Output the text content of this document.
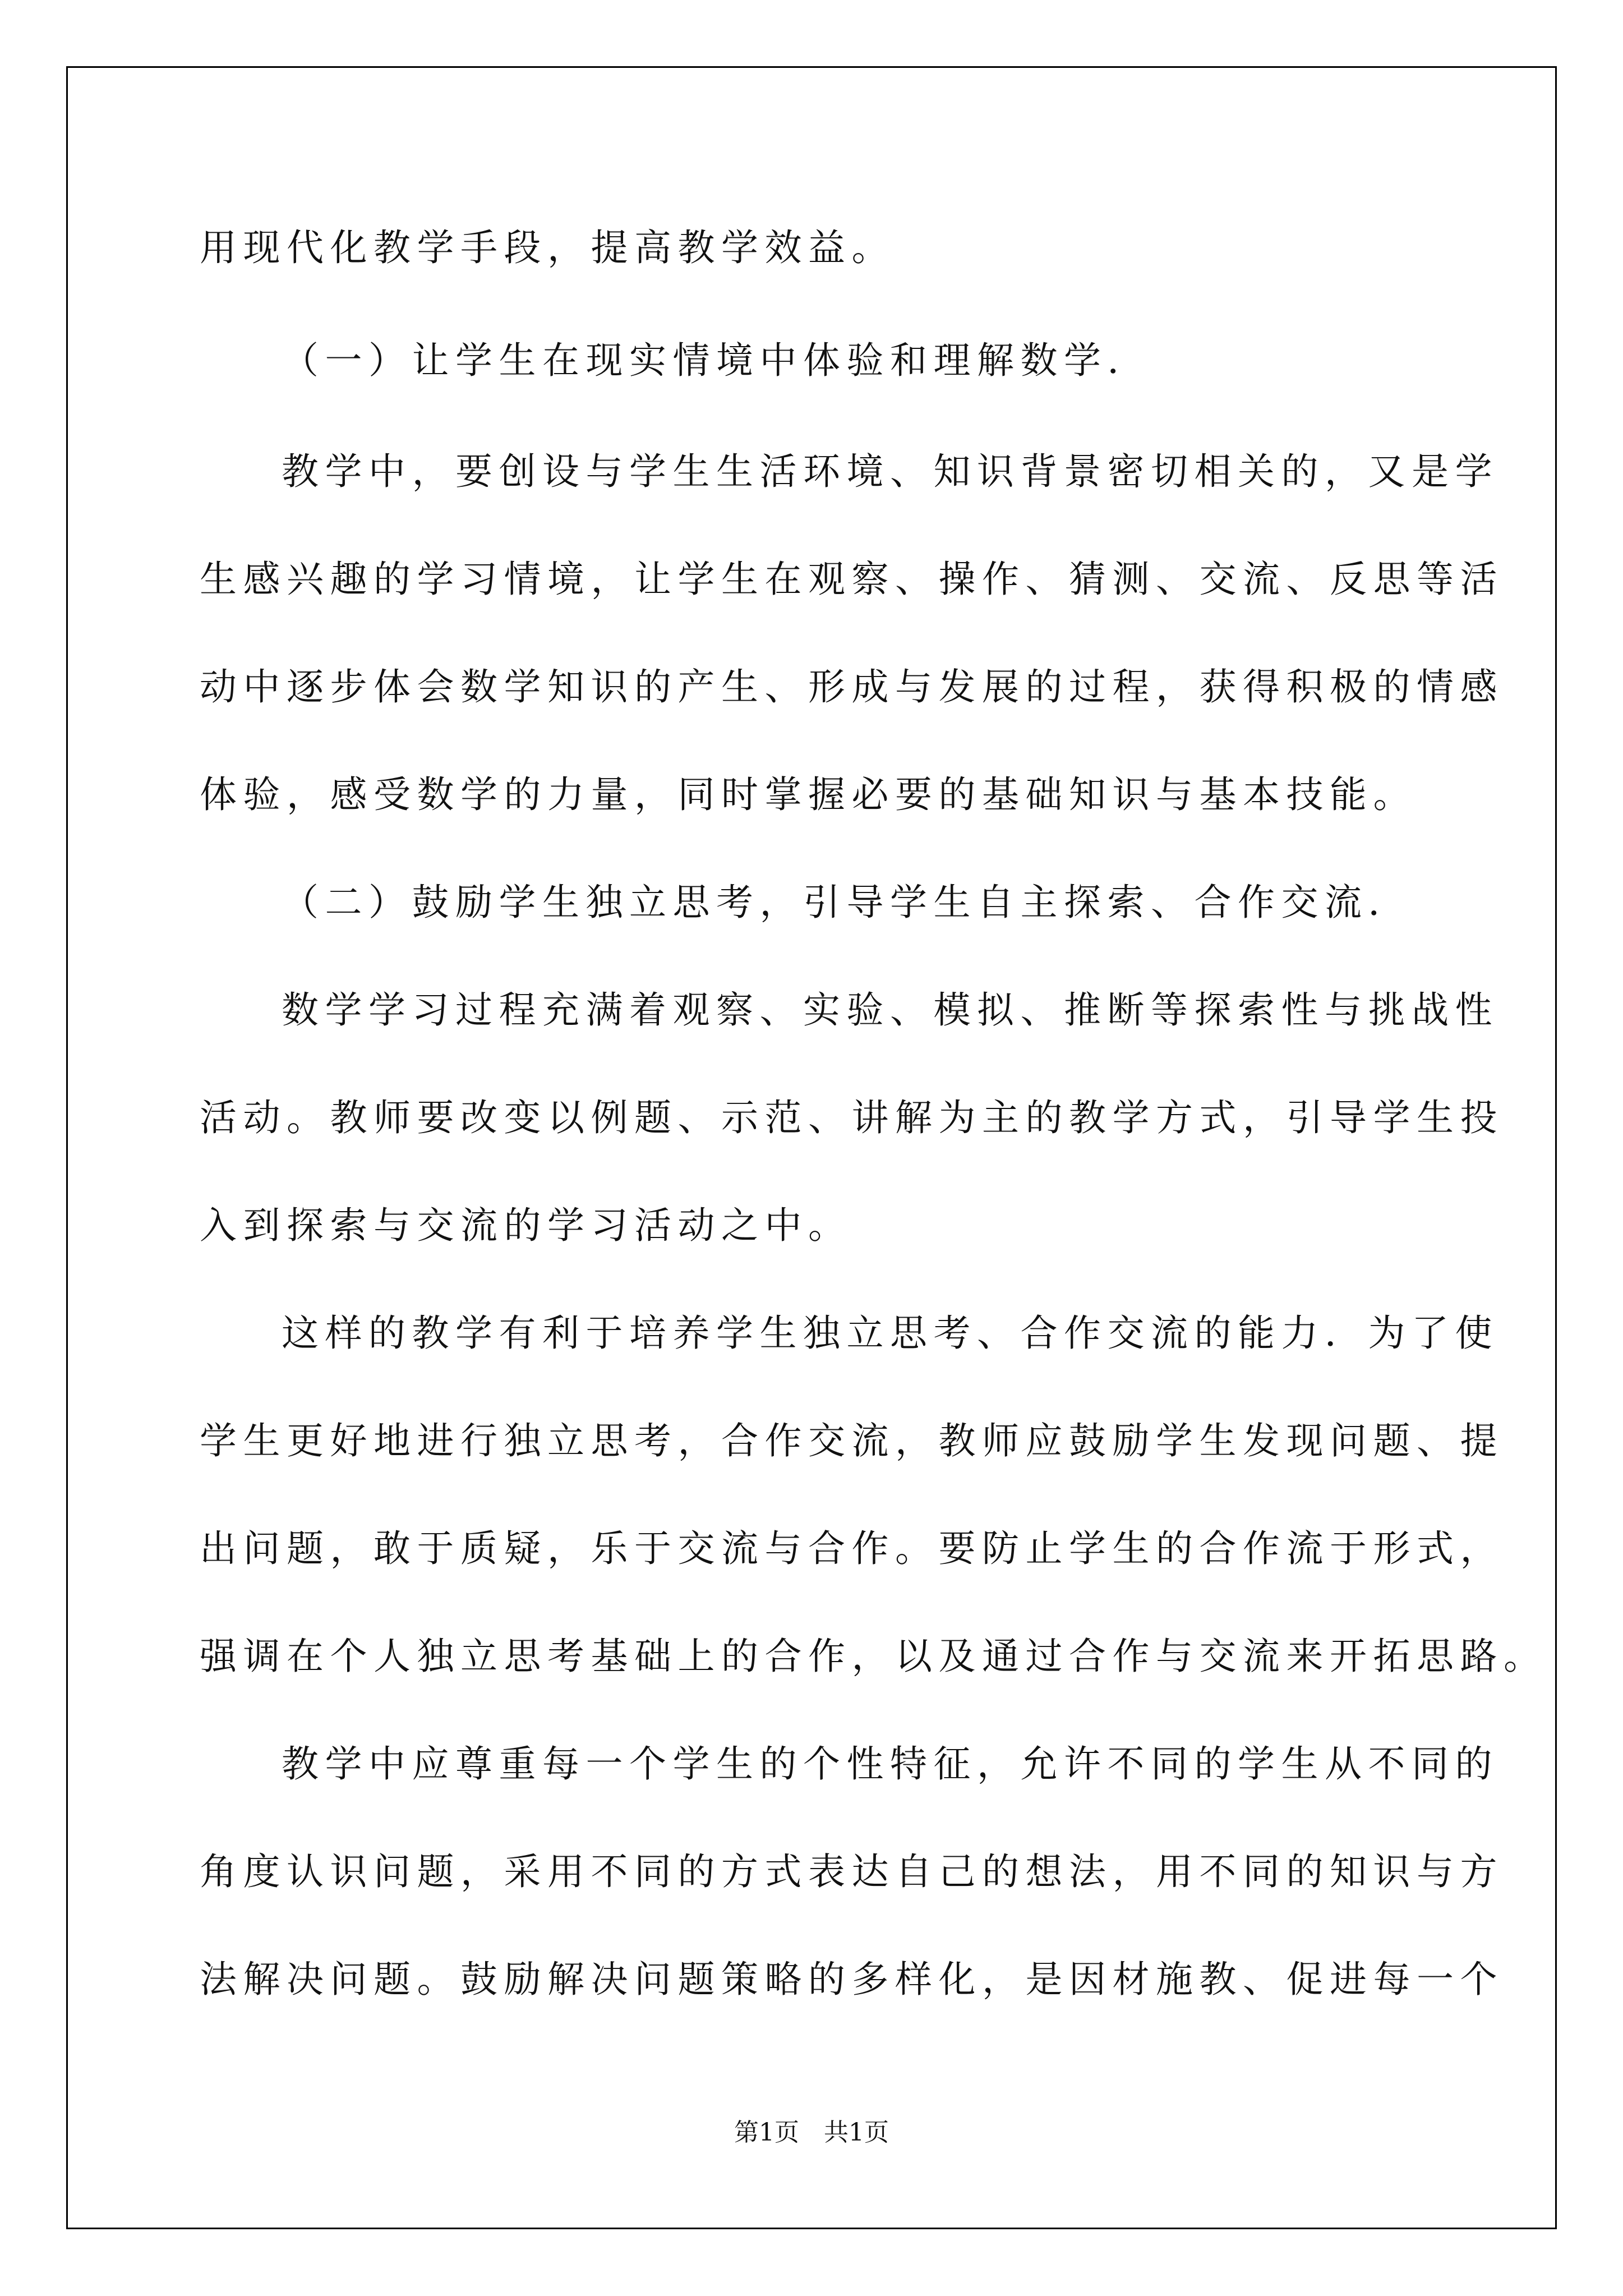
用现代化教学手段，提高教学效益。

（一）让学生在现实情境中体验和理解数学．

教学中，要创设与学生生活环境、知识背景密切相关的，又是学

生感兴趣的学习情境，让学生在观察、操作、猜测、交流、反思等活

动中逐步体会数学知识的产生、形成与发展的过程，获得积极的情感

体验，感受数学的力量，同时掌握必要的基础知识与基本技能。

（二）鼓励学生独立思考，引导学生自主探索、合作交流．

数学学习过程充满着观察、实验、模拟、推断等探索性与挑战性

活动。教师要改变以例题、示范、讲解为主的教学方式，引导学生投

入到探索与交流的学习活动之中。

这样的教学有利于培养学生独立思考、合作交流的能力．为了使

学生更好地进行独立思考，合作交流，教师应鼓励学生发现问题、提

出问题，敢于质疑，乐于交流与合作。要防止学生的合作流于形式，

强调在个人独立思考基础上的合作，以及通过合作与交流来开拓思路。

教学中应尊重每一个学生的个性特征，允许不同的学生从不同的

角度认识问题，采用不同的方式表达自己的想法，用不同的知识与方

法解决问题。鼓励解决问题策略的多样化，是因材施教、促进每一个

第1页　共1页
